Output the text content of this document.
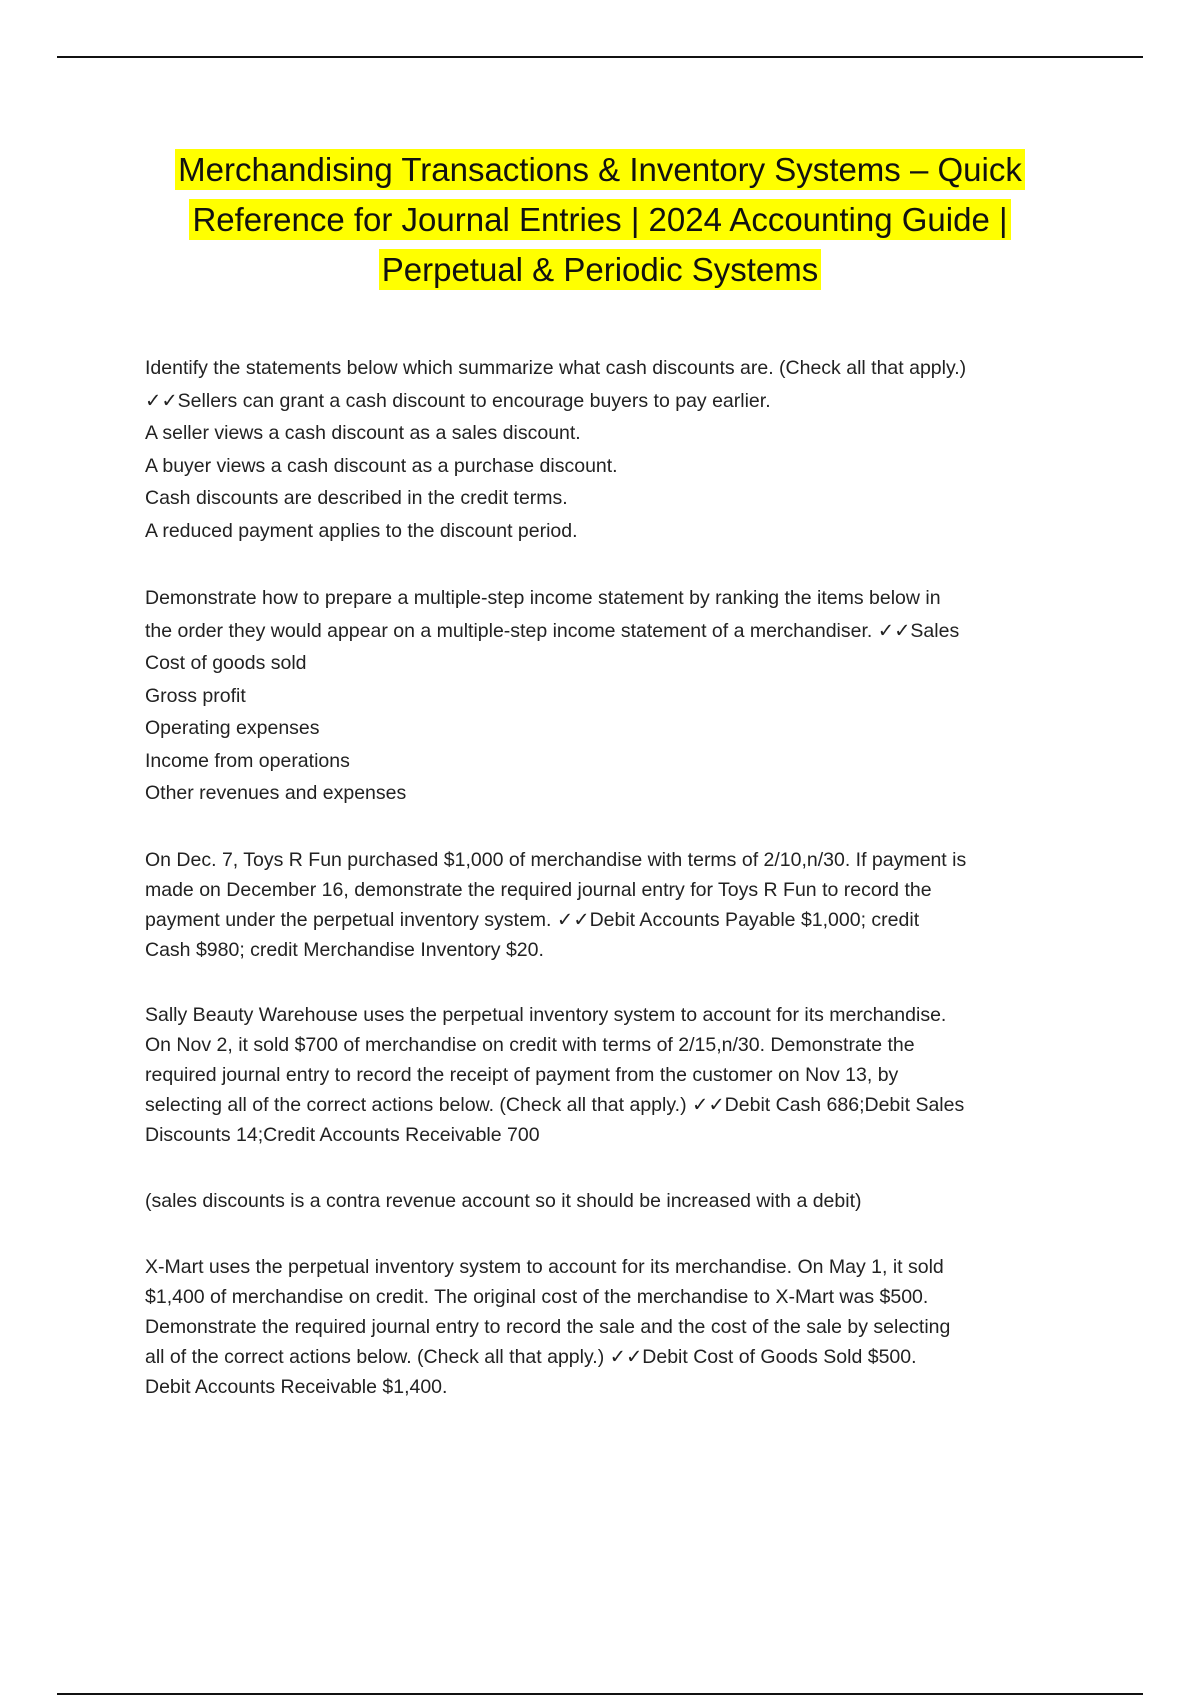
Merchandising Transactions & Inventory Systems – Quick
Reference for Journal Entries | 2024 Accounting Guide |
Perpetual & Periodic Systems
Identify the statements below which summarize what cash discounts are. (Check all that apply.)
✓✓Sellers can grant a cash discount to encourage buyers to pay earlier.
A seller views a cash discount as a sales discount.
A buyer views a cash discount as a purchase discount.
Cash discounts are described in the credit terms.
A reduced payment applies to the discount period.
Demonstrate how to prepare a multiple-step income statement by ranking the items below in
the order they would appear on a multiple-step income statement of a merchandiser. ✓✓Sales
Cost of goods sold
Gross profit
Operating expenses
Income from operations
Other revenues and expenses
On Dec. 7, Toys R Fun purchased $1,000 of merchandise with terms of 2/10,n/30. If payment is
made on December 16, demonstrate the required journal entry for Toys R Fun to record the
payment under the perpetual inventory system. ✓✓Debit Accounts Payable $1,000; credit
Cash $980; credit Merchandise Inventory $20.
Sally Beauty Warehouse uses the perpetual inventory system to account for its merchandise.
On Nov 2, it sold $700 of merchandise on credit with terms of 2/15,n/30. Demonstrate the
required journal entry to record the receipt of payment from the customer on Nov 13, by
selecting all of the correct actions below. (Check all that apply.) ✓✓Debit Cash 686;Debit Sales
Discounts 14;Credit Accounts Receivable 700
(sales discounts is a contra revenue account so it should be increased with a debit)
X-Mart uses the perpetual inventory system to account for its merchandise. On May 1, it sold
$1,400 of merchandise on credit. The original cost of the merchandise to X-Mart was $500.
Demonstrate the required journal entry to record the sale and the cost of the sale by selecting
all of the correct actions below. (Check all that apply.) ✓✓Debit Cost of Goods Sold $500.
Debit Accounts Receivable $1,400.
